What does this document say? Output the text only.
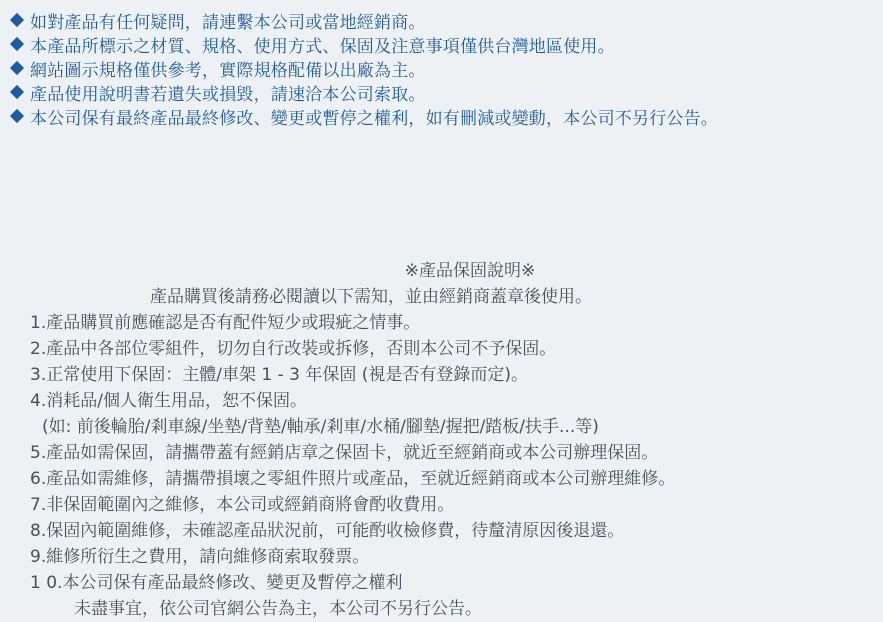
如對產品有任何疑問，請連繫本公司或當地經銷商。
本產品所標示之材質、規格、使用方式、保固及注意事項僅供台灣地區使用。
網站圖示規格僅供參考，實際規格配備以出廠為主。
產品使用說明書若遺失或損毀，請速洽本公司索取。
本公司保有最終產品最終修改、變更或暫停之權利，如有刪減或變動，本公司不另行公告。
※產品保固說明※
產品購買後請務必閱讀以下需知，並由經銷商蓋章後使用。
1.產品購買前應確認是否有配件短少或瑕疵之情事。
2.產品中各部位零組件，切勿自行改裝或拆修，否則本公司不予保固。
3.正常使用下保固：主體/車架 1 - 3 年保固 (視是否有登錄而定)。
4.消耗品/個人衛生用品，恕不保固。
(如: 前後輪胎/剎車線/坐墊/背墊/軸承/剎車/水桶/腳墊/握把/踏板/扶手...等)
5.產品如需保固，請攜帶蓋有經銷店章之保固卡，就近至經銷商或本公司辦理保固。
6.產品如需維修，請攜帶損壞之零組件照片或產品，至就近經銷商或本公司辦理維修。
7.非保固範圍內之維修，本公司或經銷商將會酌收費用。
8.保固內範圍維修，未確認產品狀況前，可能酌收檢修費，待釐清原因後退還。
9.維修所衍生之費用，請向維修商索取發票。
1 0.本公司保有產品最終修改、變更及暫停之權利
未盡事宜，依公司官網公告為主，本公司不另行公告。
